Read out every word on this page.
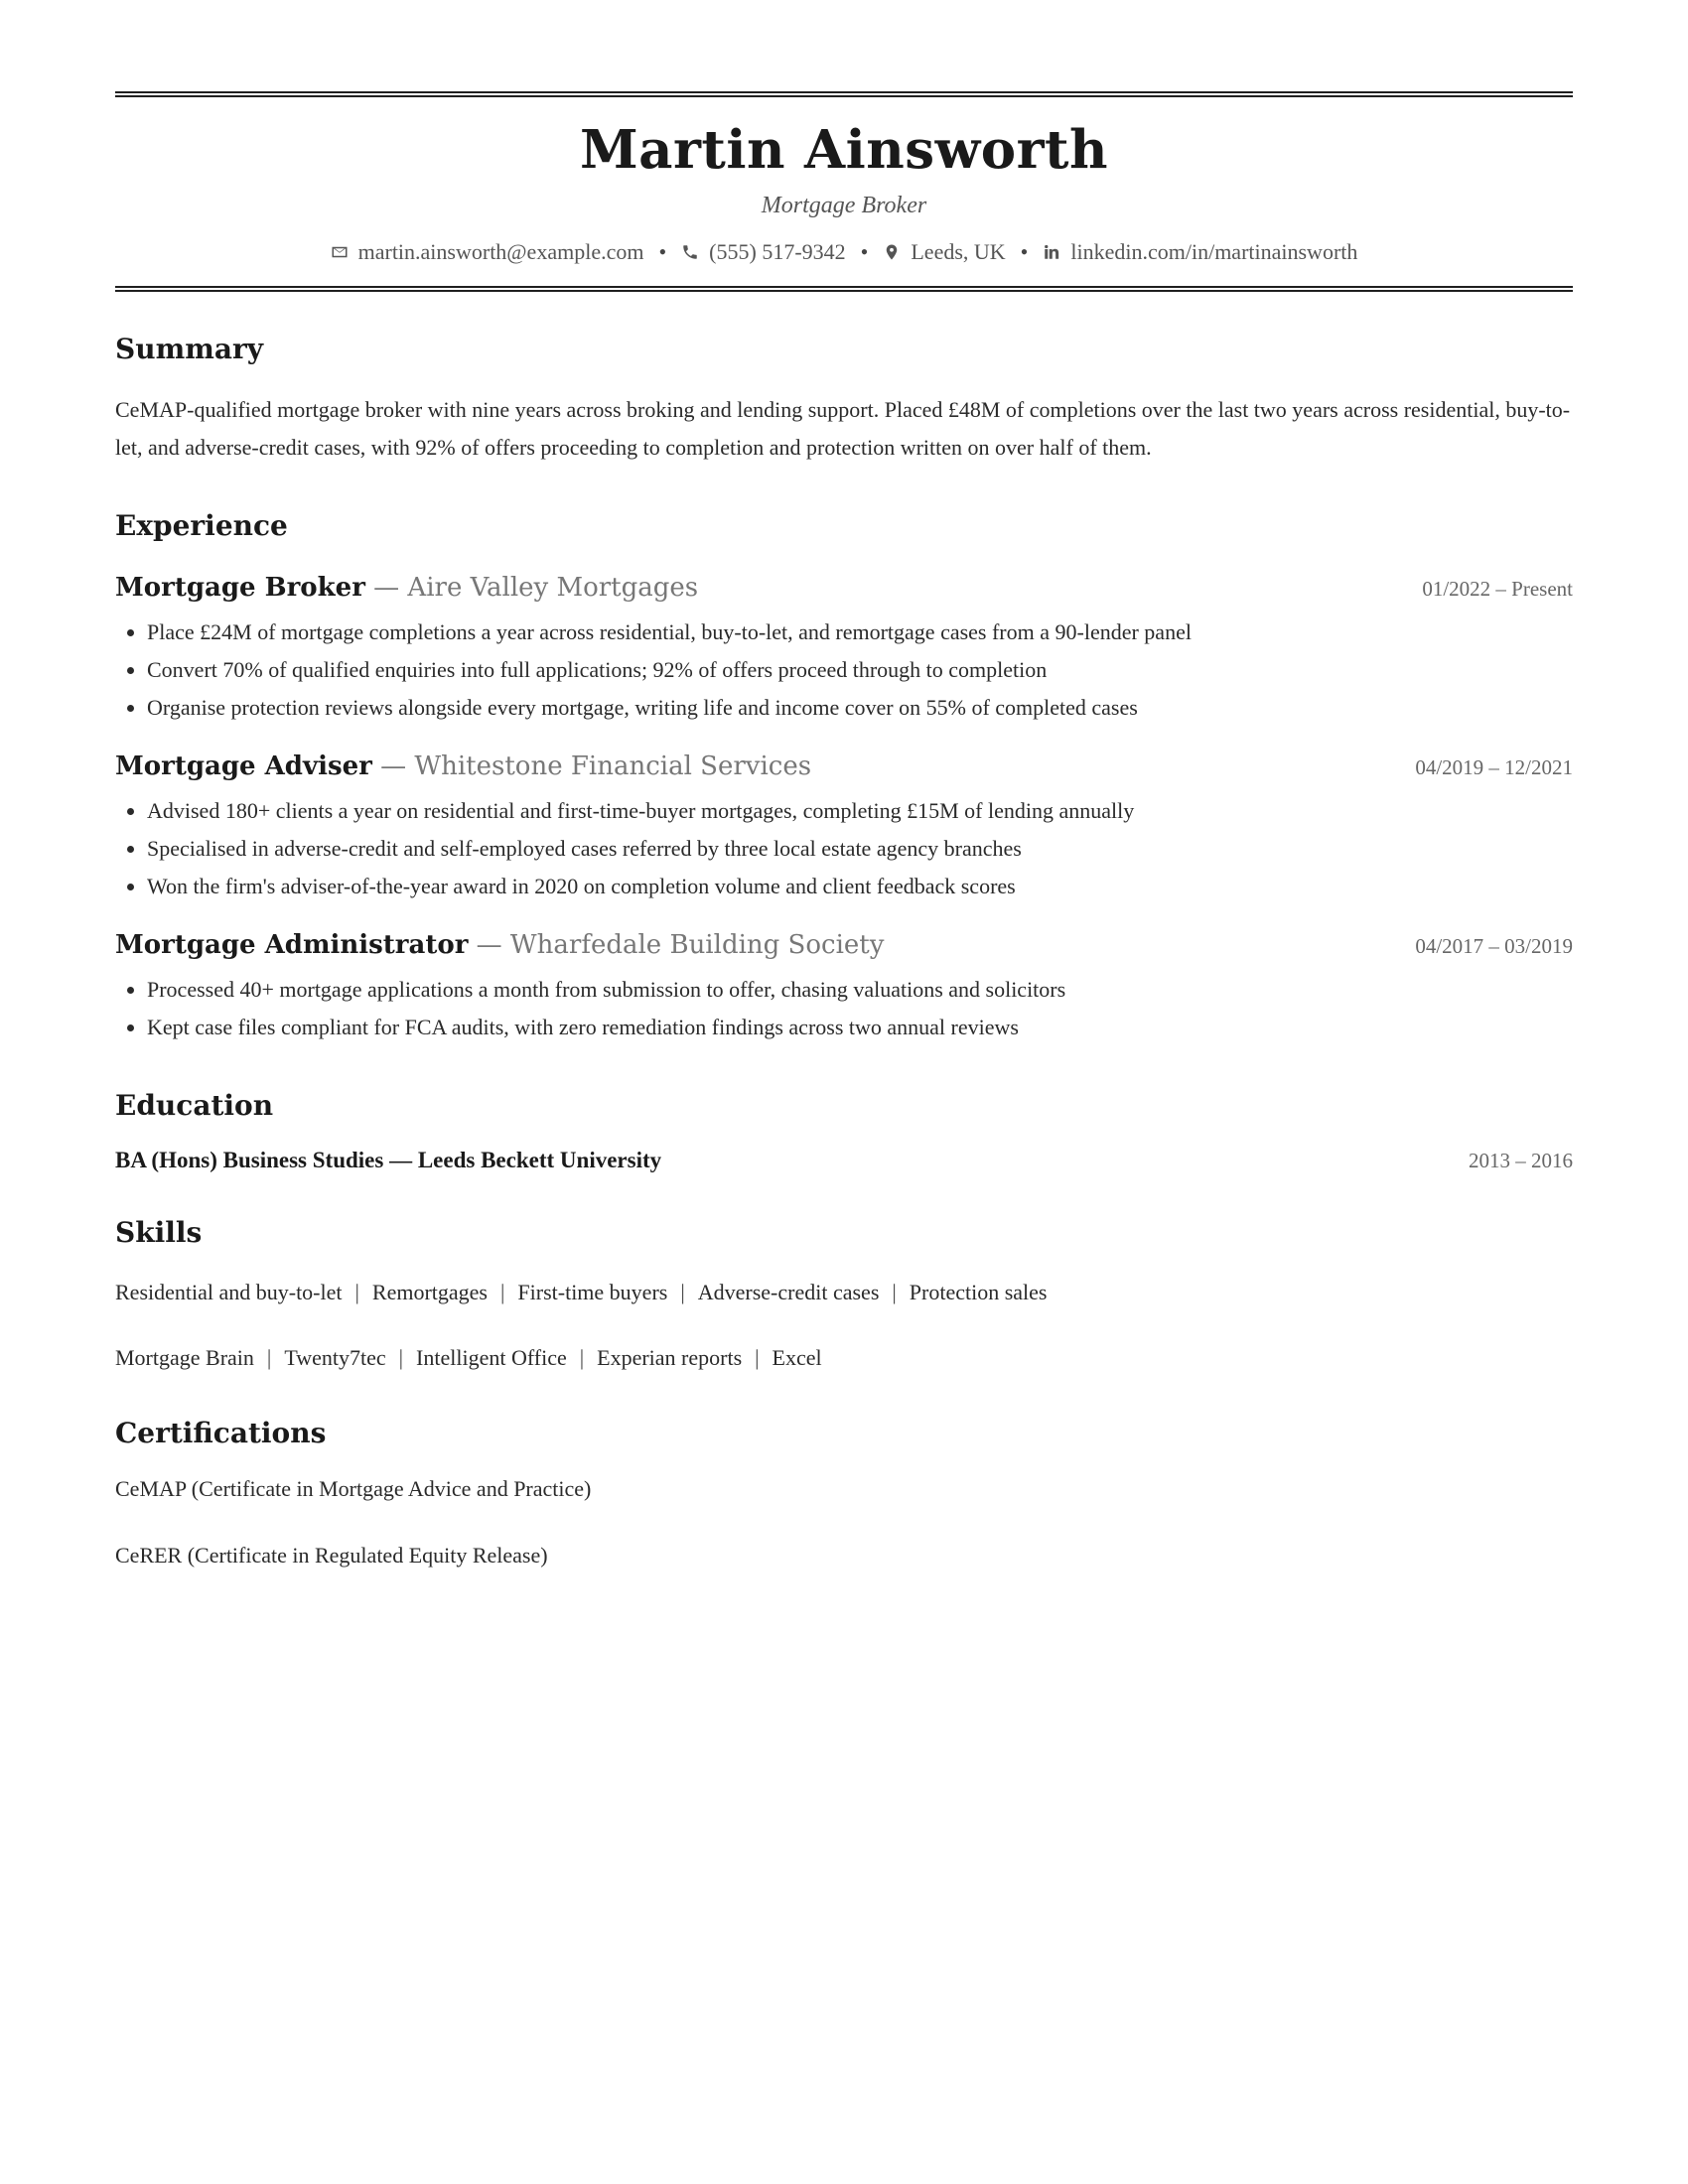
Martin Ainsworth
Mortgage Broker
martin.ainsworth@example.com • (555) 517-9342 • Leeds, UK • linkedin.com/in/martinainsworth
Summary

CeMAP-qualified mortgage broker with nine years across broking and lending support. Placed £48M of completions over the last two years across residential, buy-to-let, and adverse-credit cases, with 92% of offers proceeding to completion and protection written on over half of them.

Experience
Mortgage Broker — Aire Valley Mortgages	01/2022 – Present
• Place £24M of mortgage completions a year across residential, buy-to-let, and remortgage cases from a 90-lender panel
• Convert 70% of qualified enquiries into full applications; 92% of offers proceed through to completion
• Organise protection reviews alongside every mortgage, writing life and income cover on 55% of completed cases
Mortgage Adviser — Whitestone Financial Services	04/2019 – 12/2021
• Advised 180+ clients a year on residential and first-time-buyer mortgages, completing £15M of lending annually
• Specialised in adverse-credit and self-employed cases referred by three local estate agency branches
• Won the firm's adviser-of-the-year award in 2020 on completion volume and client feedback scores
Mortgage Administrator — Wharfedale Building Society	04/2017 – 03/2019
• Processed 40+ mortgage applications a month from submission to offer, chasing valuations and solicitors
• Kept case files compliant for FCA audits, with zero remediation findings across two annual reviews
Education
BA (Hons) Business Studies — Leeds Beckett University	2013 – 2016
Skills
Residential and buy-to-let | Remortgages | First-time buyers | Adverse-credit cases | Protection sales
Mortgage Brain | Twenty7tec | Intelligent Office | Experian reports | Excel
Certifications
CeMAP (Certificate in Mortgage Advice and Practice)
CeRER (Certificate in Regulated Equity Release)
